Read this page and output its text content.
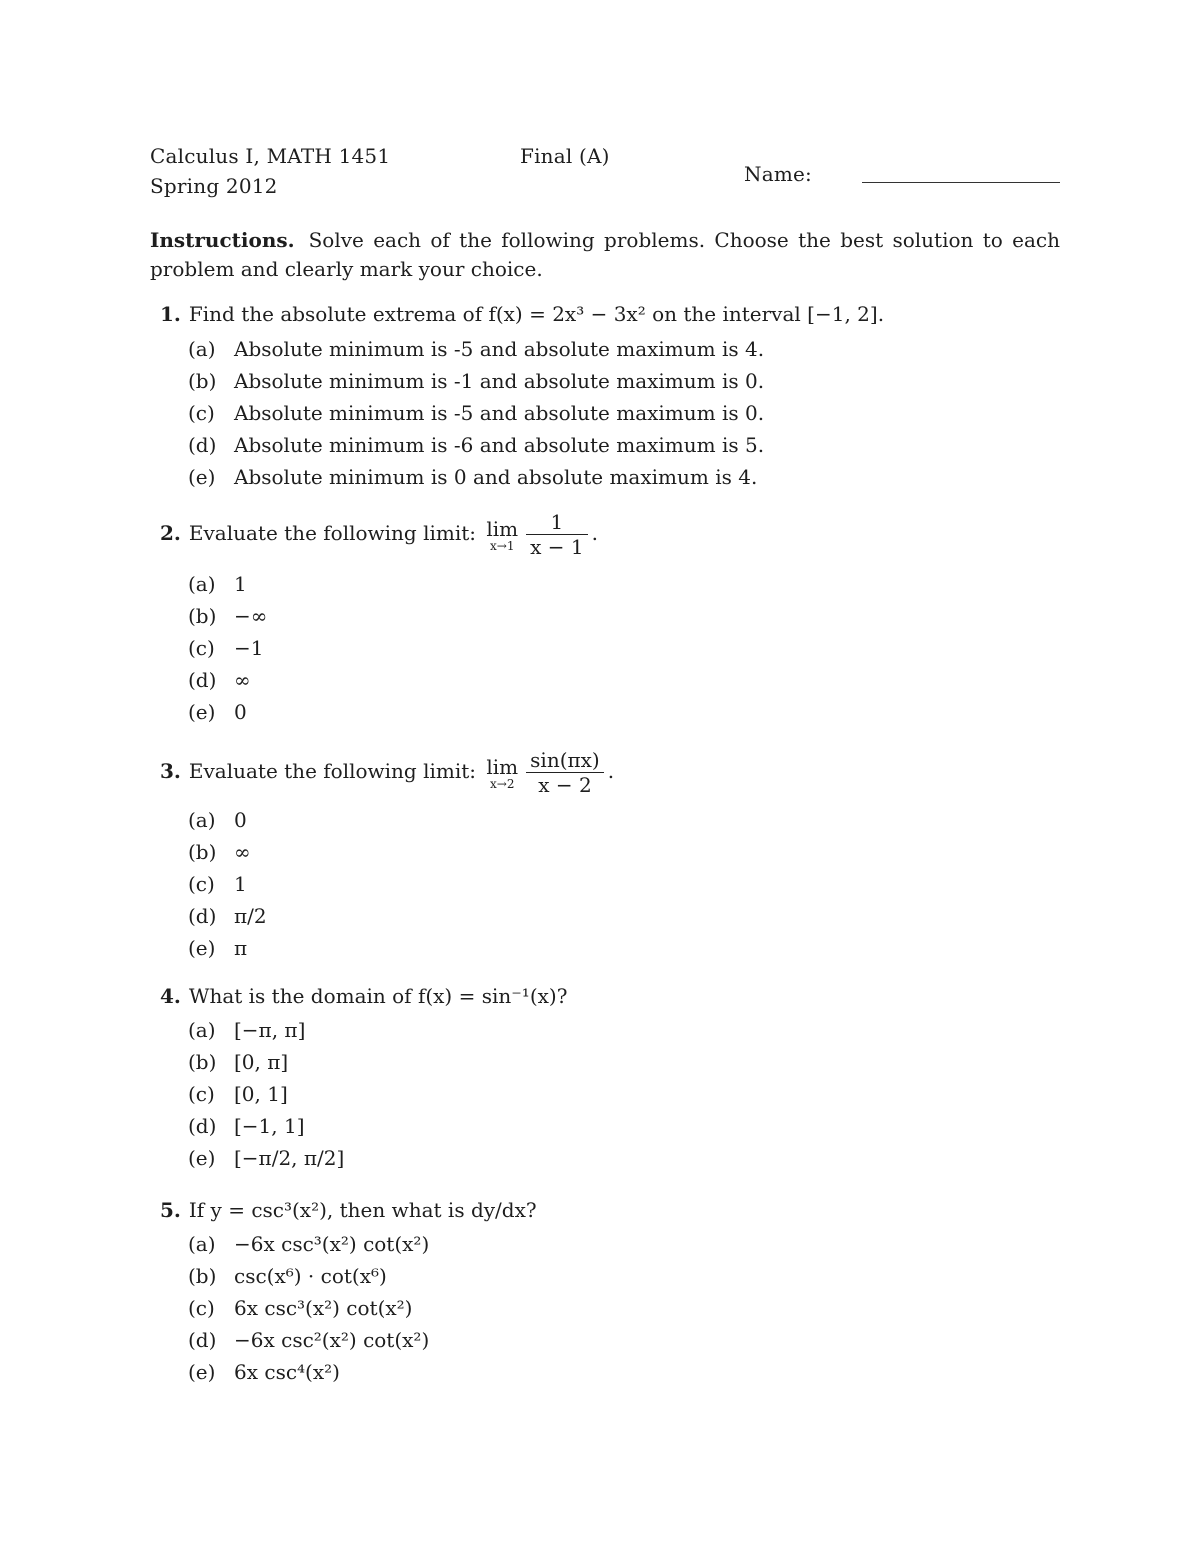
Calculus I, MATH 1451
Spring 2012
Final (A)
Name:
Instructions. Solve each of the following problems. Choose the best solution to each problem and clearly mark your choice.
1. Find the absolute extrema of f(x) = 2x³ − 3x² on the interval [−1, 2].
(a) Absolute minimum is -5 and absolute maximum is 4.
(b) Absolute minimum is -1 and absolute maximum is 0.
(c) Absolute minimum is -5 and absolute maximum is 0.
(d) Absolute minimum is -6 and absolute maximum is 5.
(e) Absolute minimum is 0 and absolute maximum is 4.
2. Evaluate the following limit: lim
$x\to 1 \frac{1}{x - 1}$ .
(a) 1
(b) −∞
(c) −1
(d) ∞
(e) 0
3. Evaluate the following limit: lim
$x\to 2 \frac{\sin(\pi x)}{x - 2}$ .
(a) 0
(b) ∞
(c) 1
(d) π/2
(e) π
4. What is the domain of f(x) = sin⁻¹(x)?
(a) [−π, π]
(b) [0, π]
(c) [0, 1]
(d) [−1, 1]
(e) [−π/2, π/2]
5. If y = csc³(x²), then what is dy/dx?
(a) −6x csc³(x²) cot(x²)
(b) csc(x⁶) · cot(x⁶)
(c) 6x csc³(x²) cot(x²)
(d) −6x csc²(x²) cot(x²)
(e) 6x csc⁴(x²)
